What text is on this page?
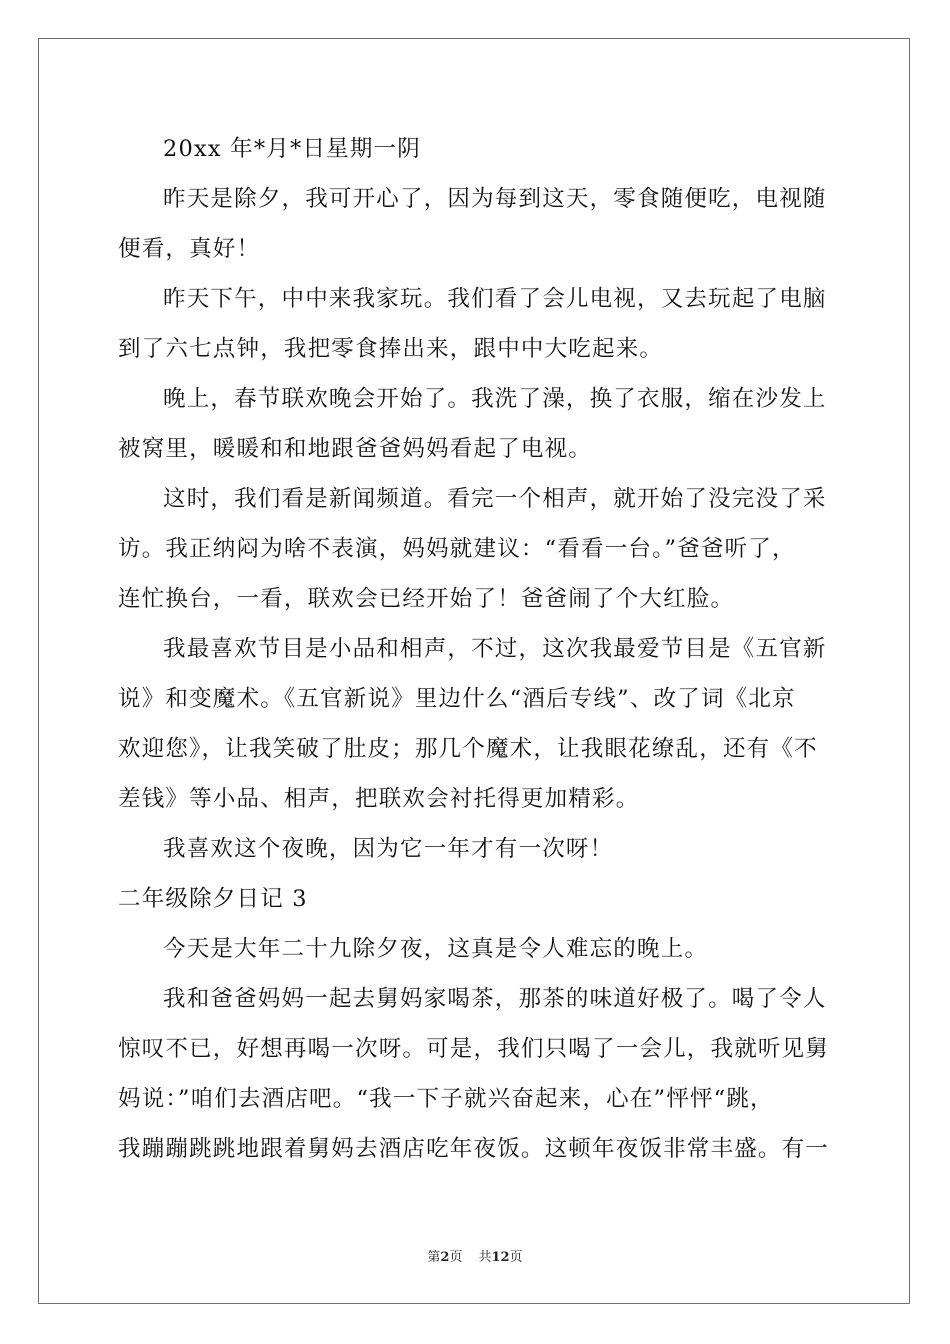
20xx 年*月*日星期一阴
昨天是除夕，我可开心了，因为每到这天，零食随便吃，电视随
便看，真好！
昨天下午，中中来我家玩。我们看了会儿电视，又去玩起了电脑
到了六七点钟，我把零食捧出来，跟中中大吃起来。
晚上，春节联欢晚会开始了。我洗了澡，换了衣服，缩在沙发上
被窝里，暖暖和和地跟爸爸妈妈看起了电视。
这时，我们看是新闻频道。看完一个相声，就开始了没完没了采
访。我正纳闷为啥不表演，妈妈就建议：“看看一台。”爸爸听了，
连忙换台，一看，联欢会已经开始了！爸爸闹了个大红脸。
我最喜欢节目是小品和相声，不过，这次我最爱节目是《五官新
说》和变魔术。《五官新说》里边什么“酒后专线”、改了词《北京
欢迎您》，让我笑破了肚皮；那几个魔术，让我眼花缭乱，还有《不
差钱》等小品、相声，把联欢会衬托得更加精彩。
我喜欢这个夜晚，因为它一年才有一次呀！
二年级除夕日记 3
今天是大年二十九除夕夜，这真是令人难忘的晚上。
我和爸爸妈妈一起去舅妈家喝茶，那茶的味道好极了。喝了令人
惊叹不已，好想再喝一次呀。可是，我们只喝了一会儿，我就听见舅
妈说：”咱们去酒店吧。“我一下子就兴奋起来，心在”怦怦“跳，
我蹦蹦跳跳地跟着舅妈去酒店吃年夜饭。这顿年夜饭非常丰盛。有一
第2页 共12页
